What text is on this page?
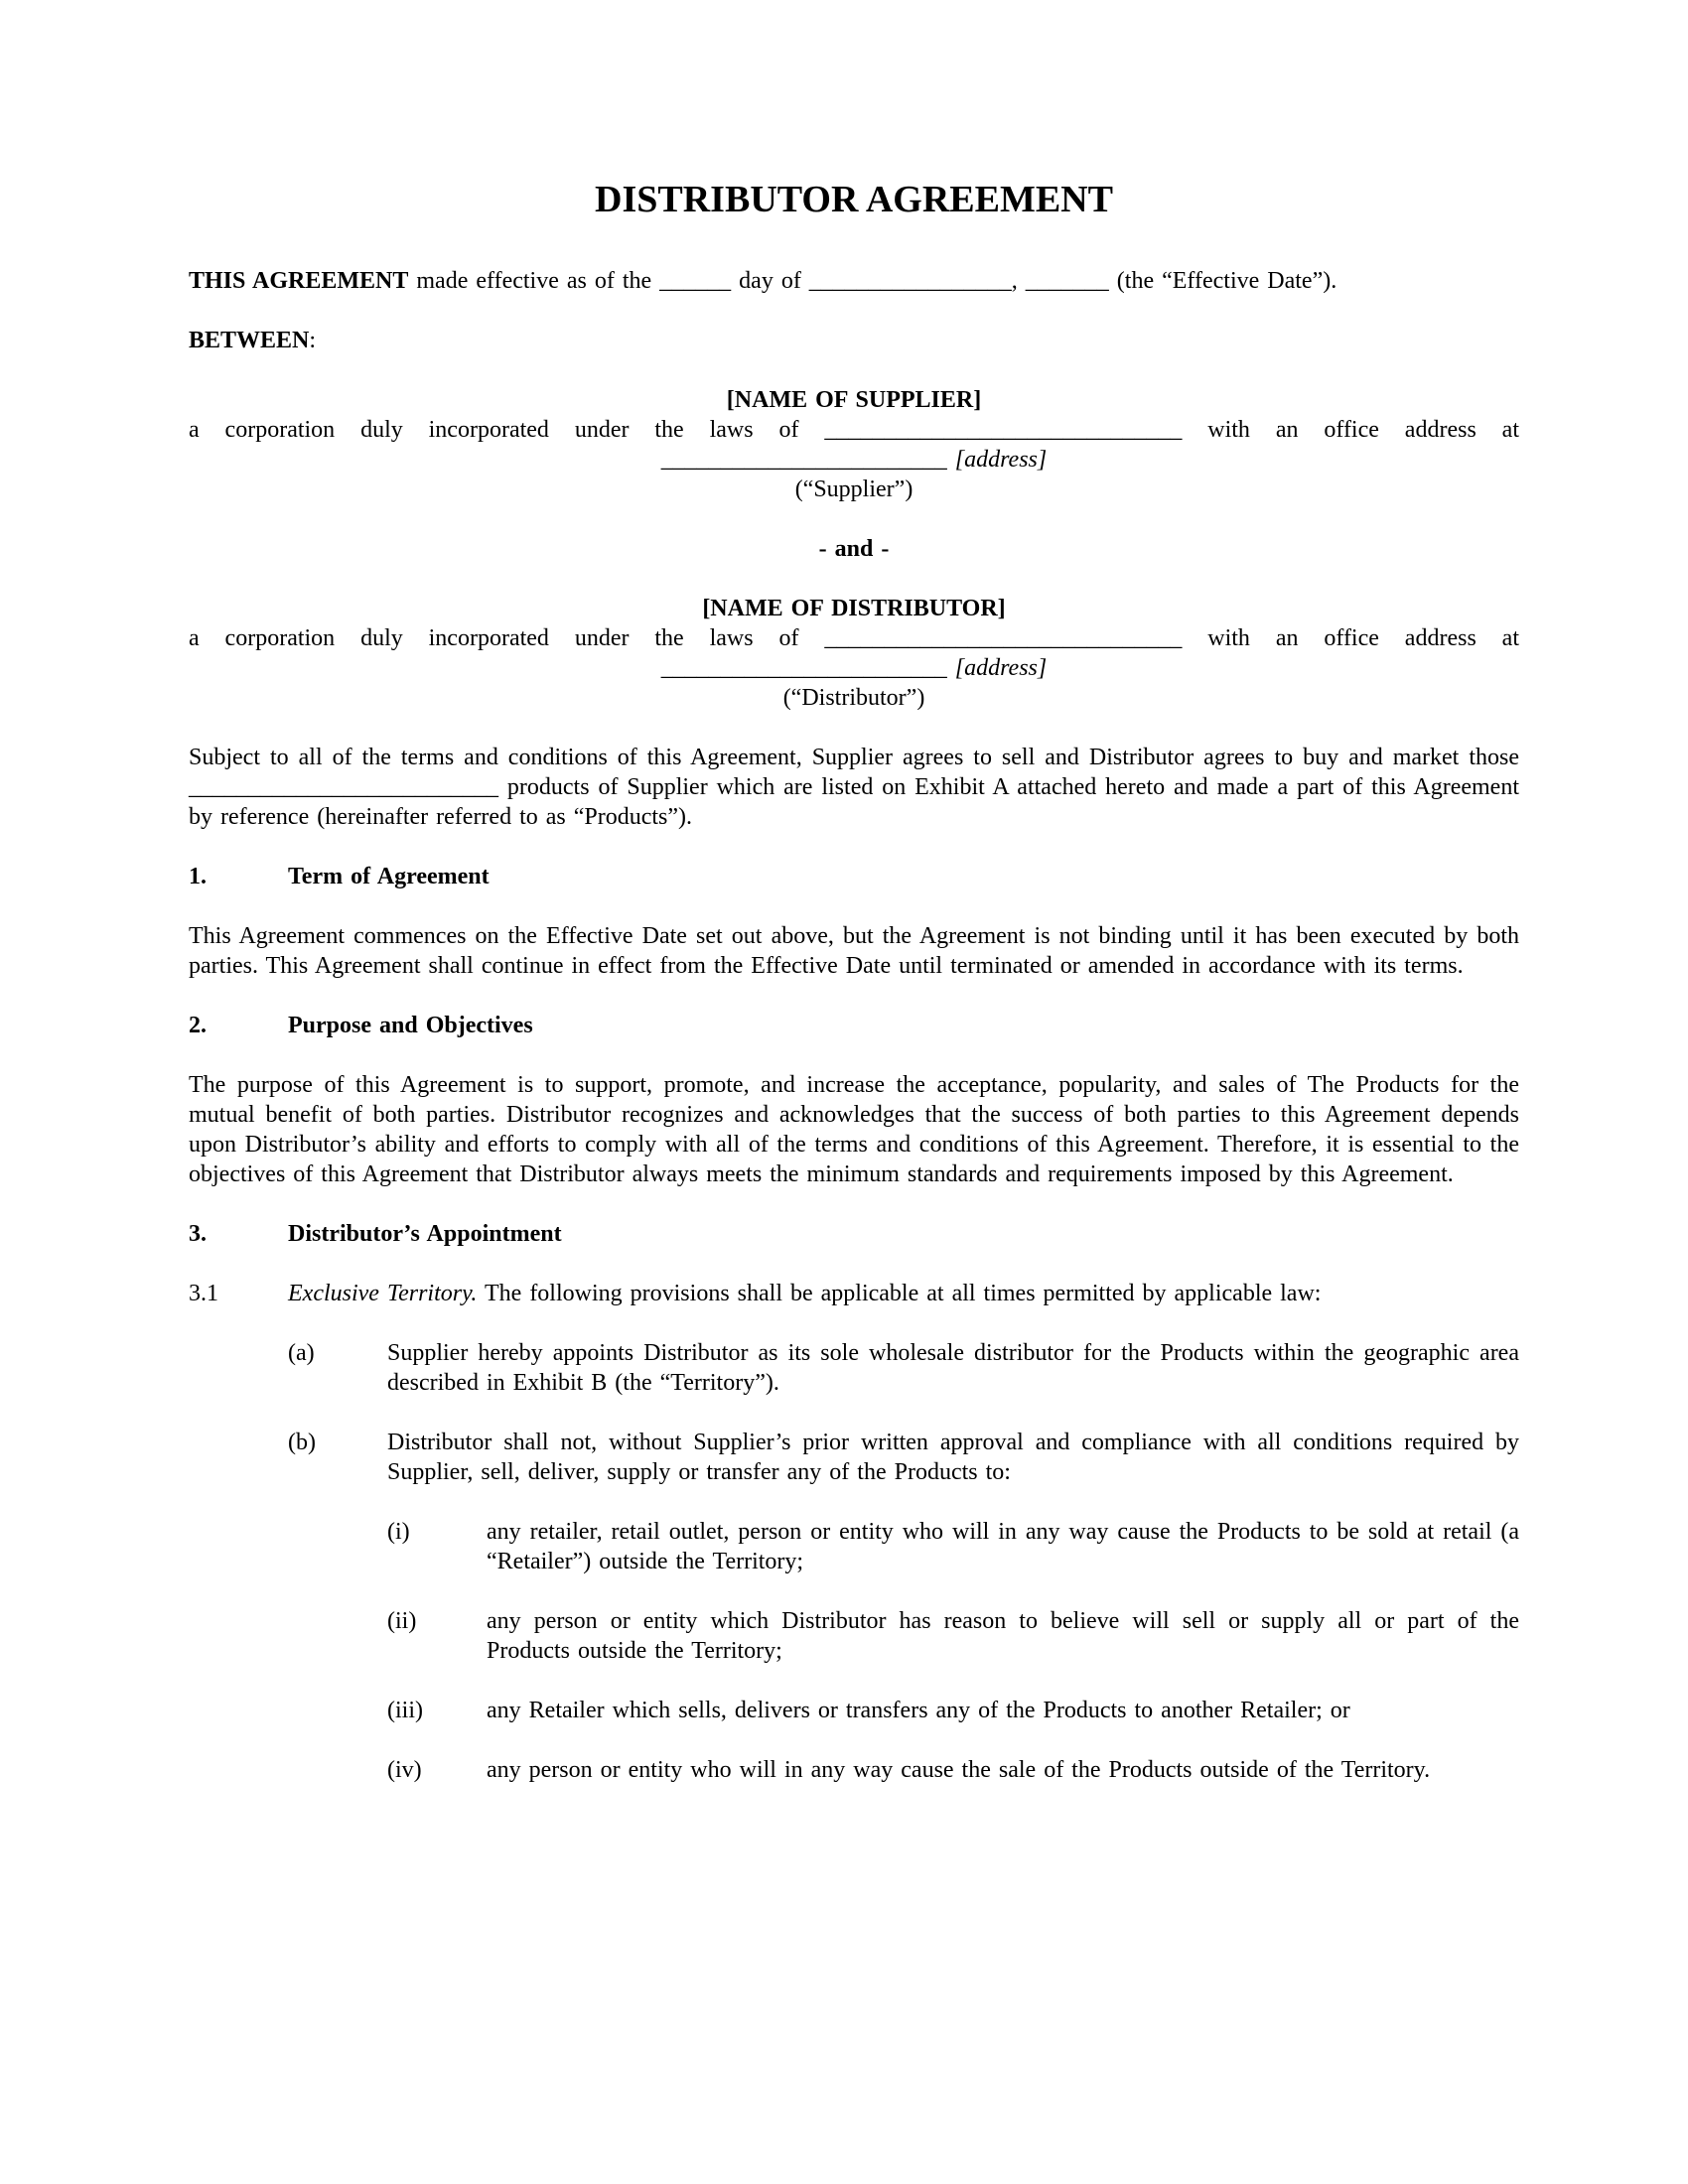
DISTRIBUTOR AGREEMENT

THIS AGREEMENT made effective as of the ______ day of _________________, _______ (the “Effective Date”).

BETWEEN:

[NAME OF SUPPLIER]

a corporation duly incorporated under the laws of ______________________________ with an office address at

________________________ [address]

(“Supplier”)

- and -

[NAME OF DISTRIBUTOR]

a corporation duly incorporated under the laws of ______________________________ with an office address at

________________________ [address]

(“Distributor”)

Subject to all of the terms and conditions of this Agreement, Supplier agrees to sell and Distributor agrees to buy and market those __________________________ products of Supplier which are listed on Exhibit A attached hereto and made a part of this Agreement by reference (hereinafter referred to as “Products”).

1.	Term of Agreement

This Agreement commences on the Effective Date set out above, but the Agreement is not binding until it has been executed by both parties. This Agreement shall continue in effect from the Effective Date until terminated or amended in accordance with its terms.

2.	Purpose and Objectives

The purpose of this Agreement is to support, promote, and increase the acceptance, popularity, and sales of The Products for the mutual benefit of both parties. Distributor recognizes and acknowledges that the success of both parties to this Agreement depends upon Distributor’s ability and efforts to comply with all of the terms and conditions of this Agreement. Therefore, it is essential to the objectives of this Agreement that Distributor always meets the minimum standards and requirements imposed by this Agreement.

3.	Distributor’s Appointment
3.1	Exclusive Territory. The following provisions shall be applicable at all times permitted by applicable law:
(a)	Supplier hereby appoints Distributor as its sole wholesale distributor for the Products within the geographic area described in Exhibit B (the “Territory”).
(b)	Distributor shall not, without Supplier’s prior written approval and compliance with all conditions required by Supplier, sell, deliver, supply or transfer any of the Products to:
(i)	any retailer, retail outlet, person or entity who will in any way cause the Products to be sold at retail (a “Retailer”) outside the Territory;
(ii)	any person or entity which Distributor has reason to believe will sell or supply all or part of the Products outside the Territory;
(iii)	any Retailer which sells, delivers or transfers any of the Products to another Retailer; or
(iv)	any person or entity who will in any way cause the sale of the Products outside of the Territory.
